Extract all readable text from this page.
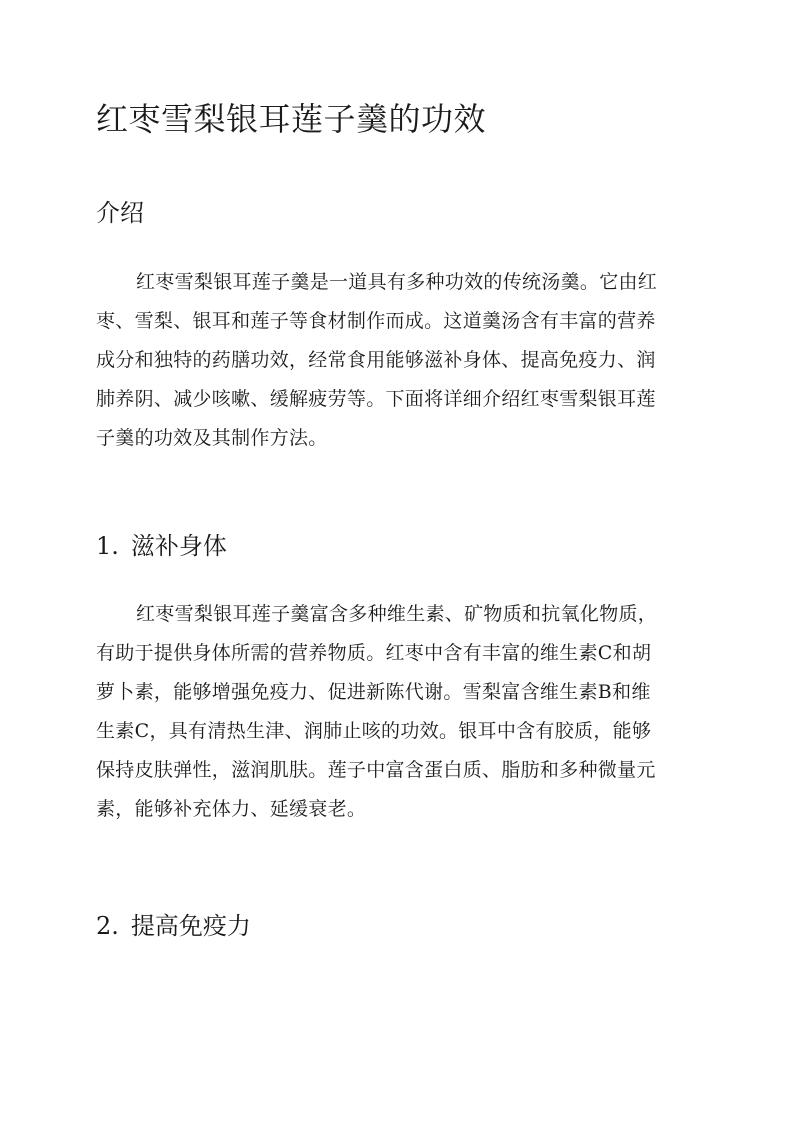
红枣雪梨银耳莲子羹的功效
介绍
红枣雪梨银耳莲子羹是一道具有多种功效的传统汤羹。它由红
枣、雪梨、银耳和莲子等食材制作而成。这道羹汤含有丰富的营养
成分和独特的药膳功效，经常食用能够滋补身体、提高免疫力、润
肺养阴、减少咳嗽、缓解疲劳等。下面将详细介绍红枣雪梨银耳莲
子羹的功效及其制作方法。
1. 滋补身体
红枣雪梨银耳莲子羹富含多种维生素、矿物质和抗氧化物质，
有助于提供身体所需的营养物质。红枣中含有丰富的维生素C和胡
萝卜素，能够增强免疫力、促进新陈代谢。雪梨富含维生素B和维
生素C，具有清热生津、润肺止咳的功效。银耳中含有胶质，能够
保持皮肤弹性，滋润肌肤。莲子中富含蛋白质、脂肪和多种微量元
素，能够补充体力、延缓衰老。
2. 提高免疫力
